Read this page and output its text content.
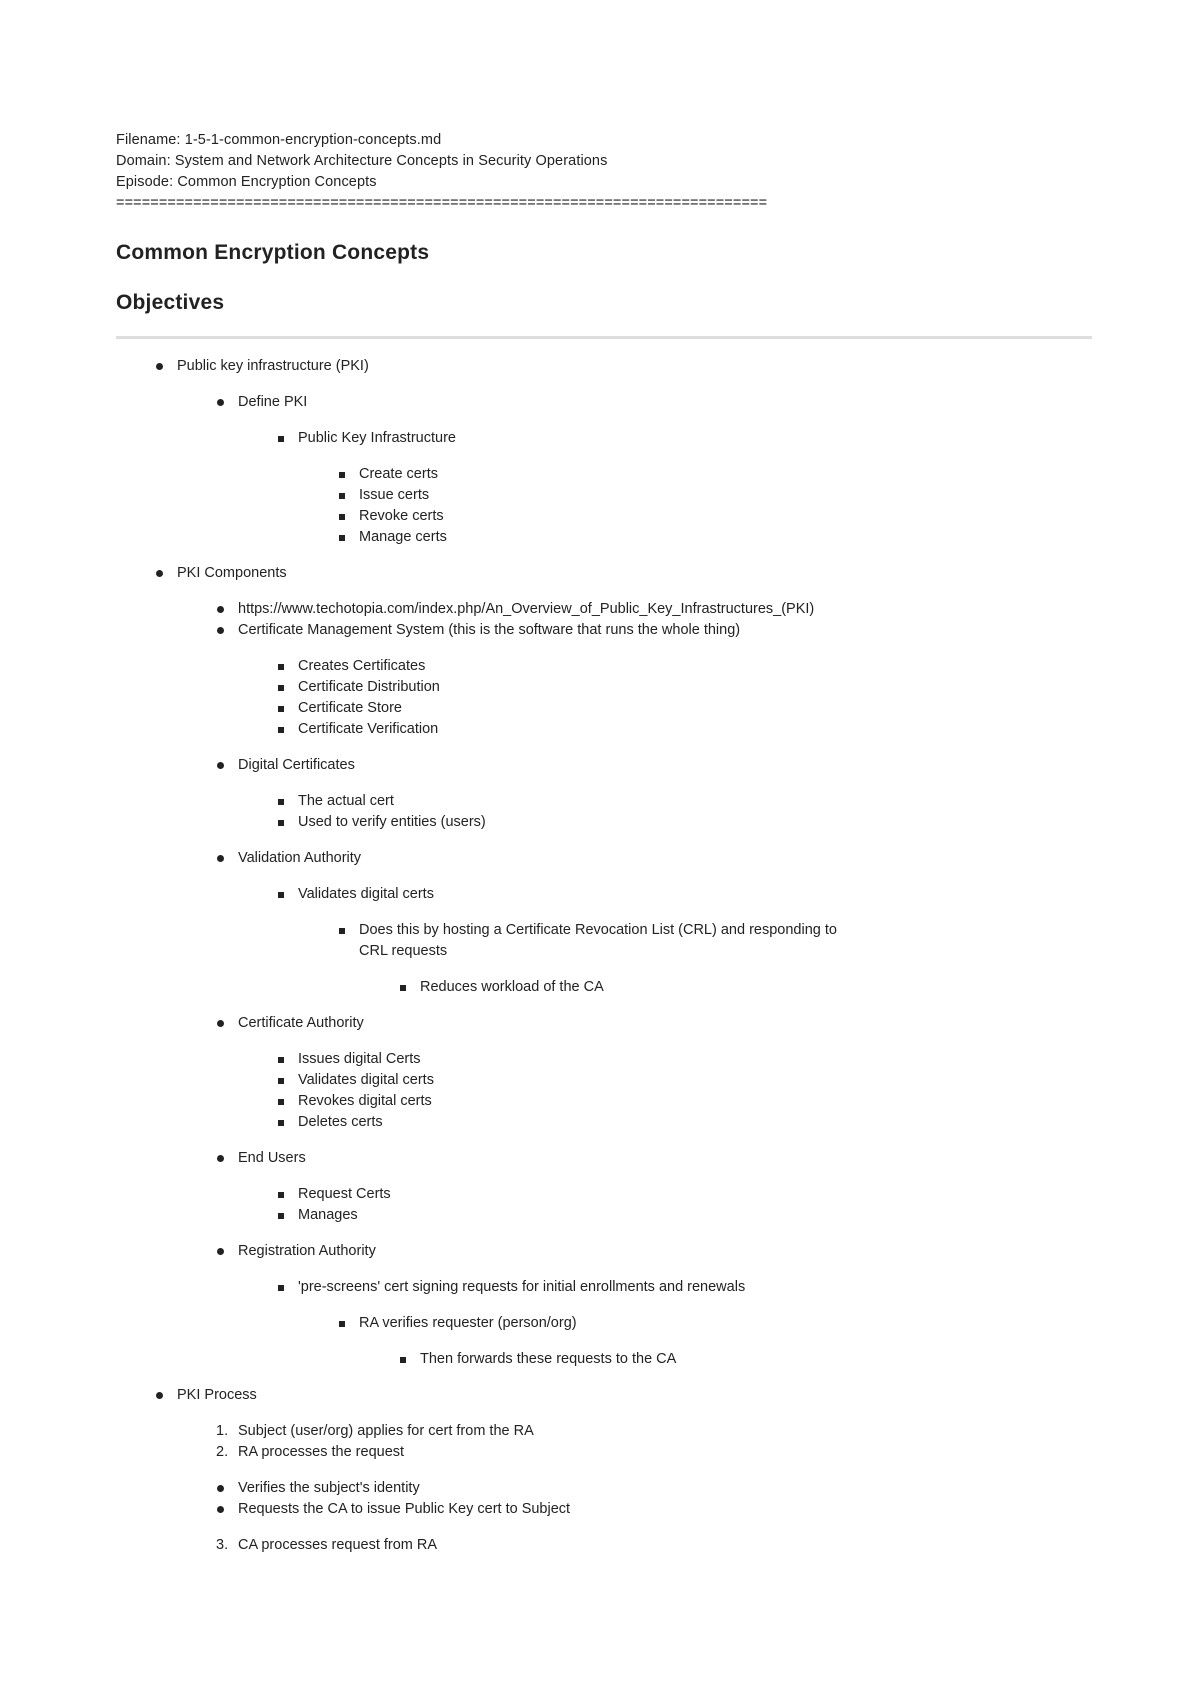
Filename: 1-5-1-common-encryption-concepts.md
Domain: System and Network Architecture Concepts in Security Operations
Episode: Common Encryption Concepts
============================================================================
Common Encryption Concepts
Objectives
Public key infrastructure (PKI)
Define PKI
Public Key Infrastructure
Create certs
Issue certs
Revoke certs
Manage certs
PKI Components
https://www.techotopia.com/index.php/An_Overview_of_Public_Key_Infrastructures_(PKI)
Certificate Management System (this is the software that runs the whole thing)
Creates Certificates
Certificate Distribution
Certificate Store
Certificate Verification
Digital Certificates
The actual cert
Used to verify entities (users)
Validation Authority
Validates digital certs
Does this by hosting a Certificate Revocation List (CRL) and responding to CRL requests
Reduces workload of the CA
Certificate Authority
Issues digital Certs
Validates digital certs
Revokes digital certs
Deletes certs
End Users
Request Certs
Manages
Registration Authority
'pre-screens' cert signing requests for initial enrollments and renewals
RA verifies requester (person/org)
Then forwards these requests to the CA
PKI Process
1. Subject (user/org) applies for cert from the RA
2. RA processes the request
Verifies the subject's identity
Requests the CA to issue Public Key cert to Subject
3. CA processes request from RA
